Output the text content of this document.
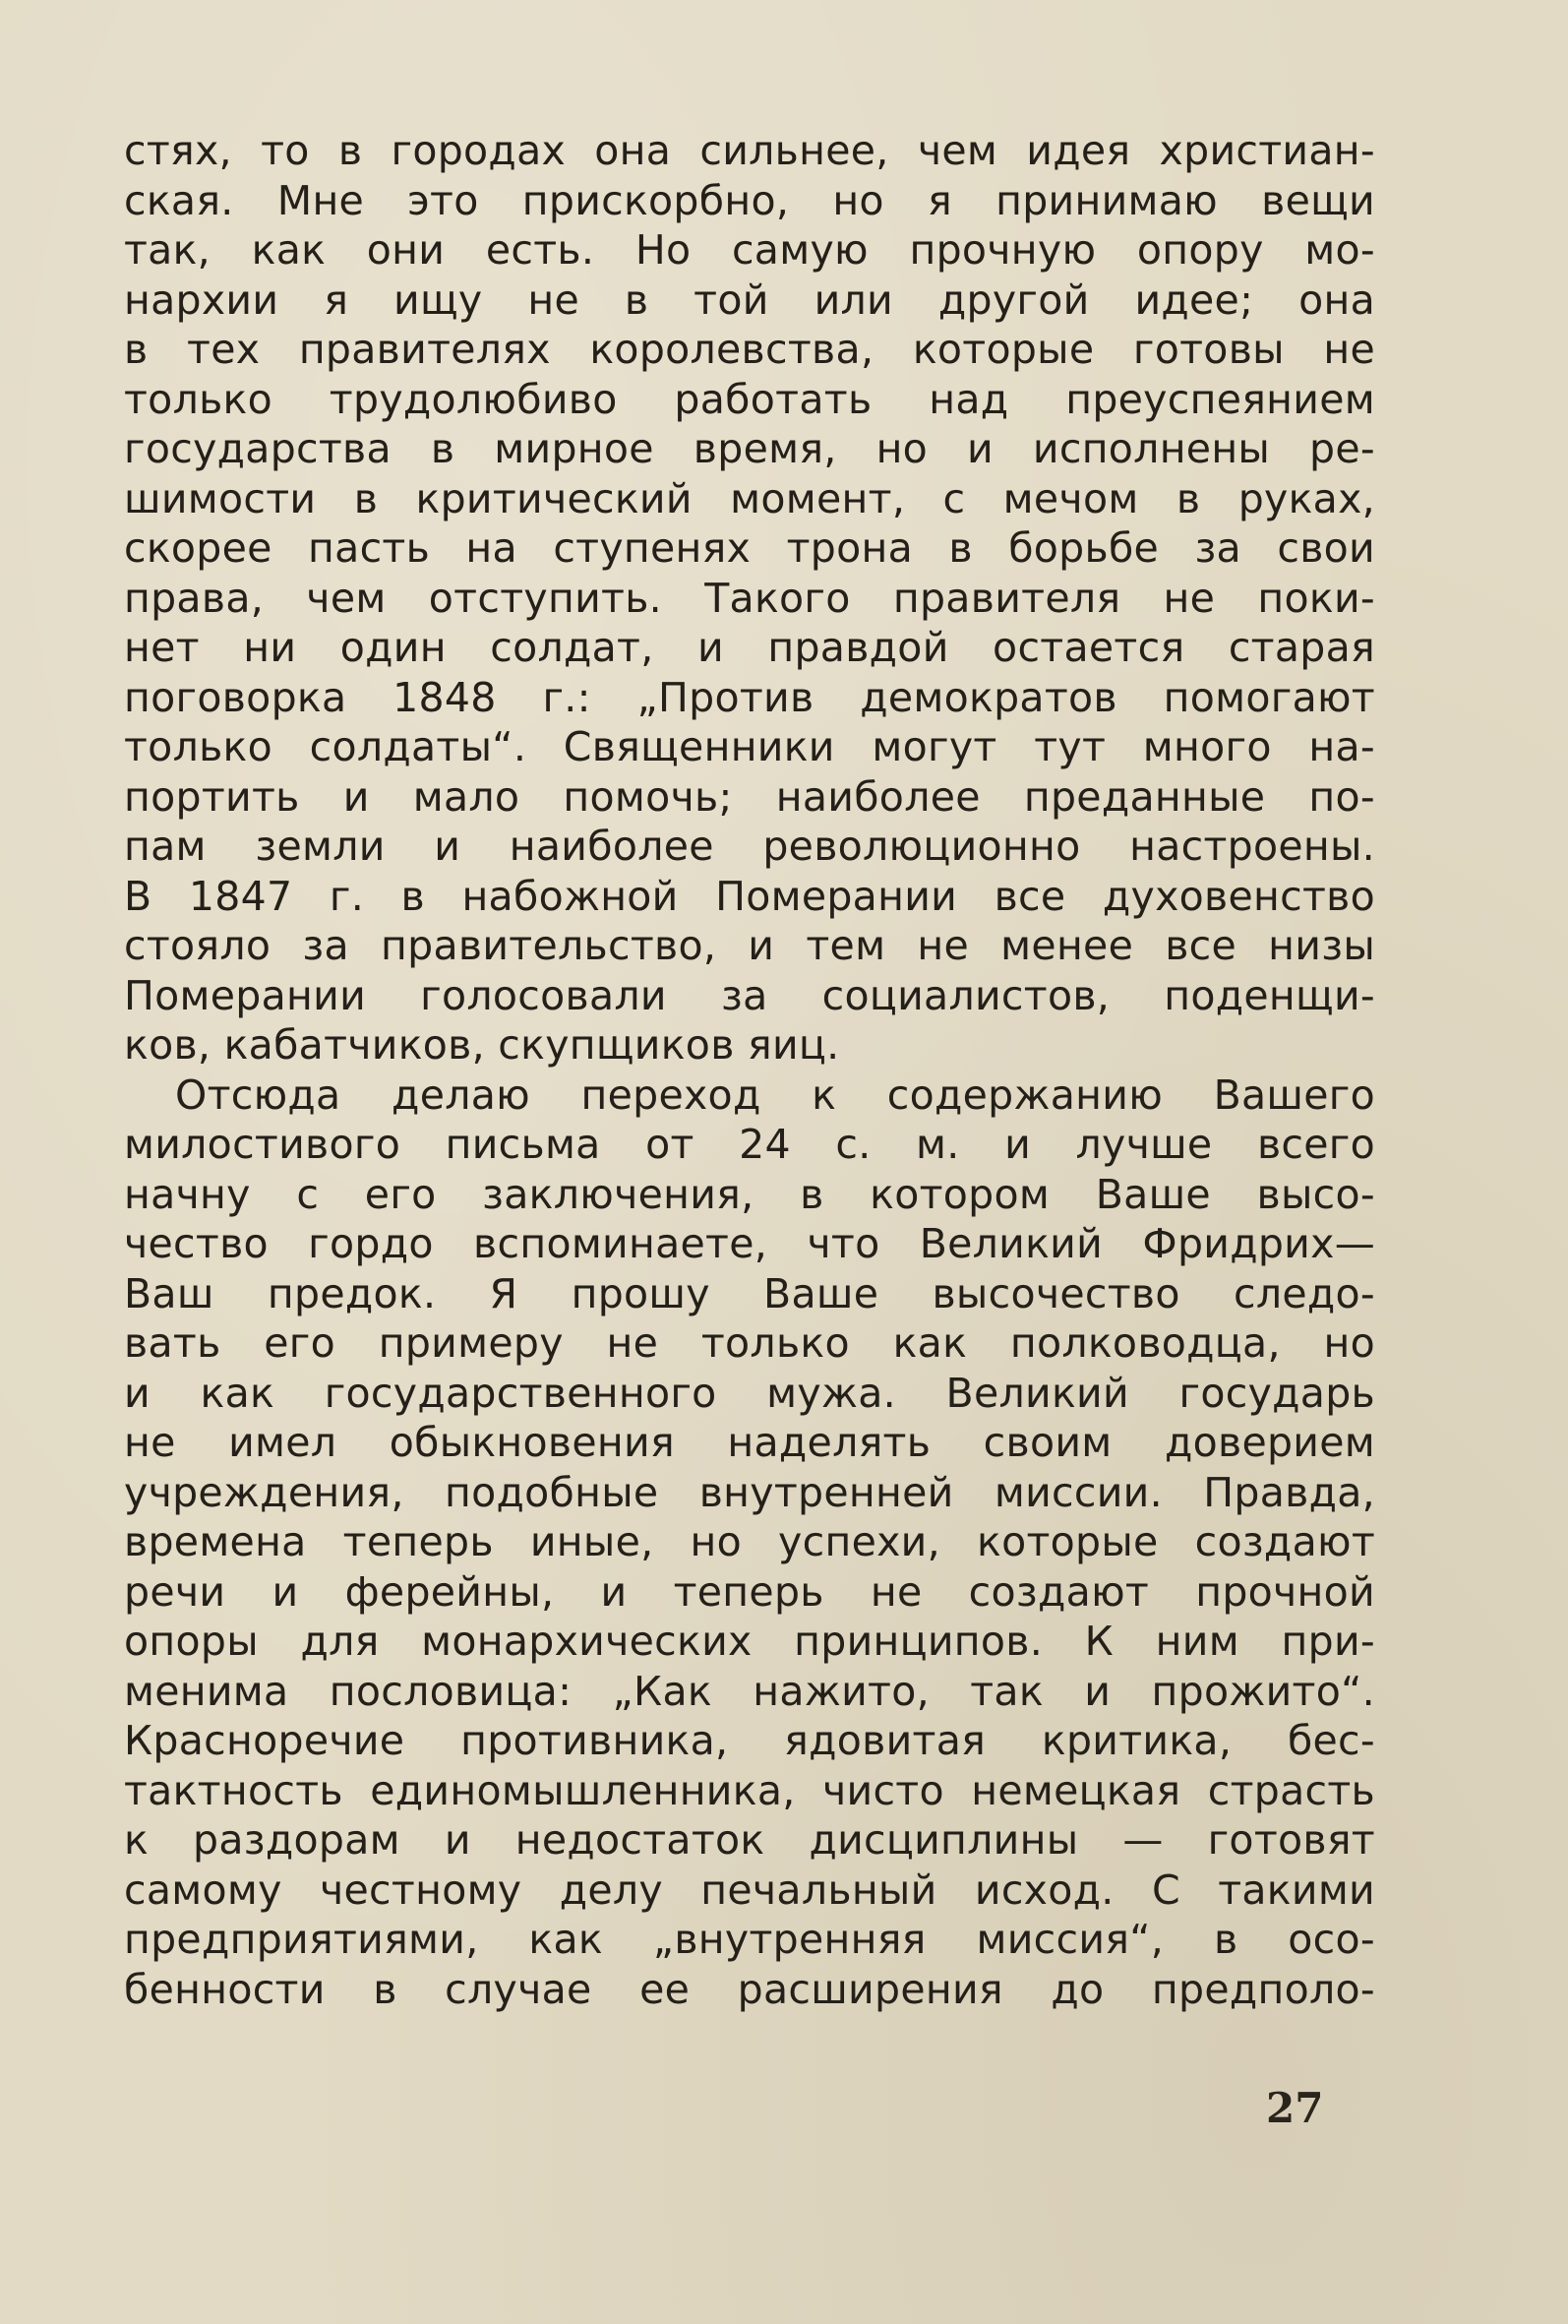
стях, то в городах она сильнее, чем идея христиан-
ская. Мне это прискорбно, но я принимаю вещи
так, как они есть. Но самую прочную опору мо-
нархии я ищу не в той или другой идее; она
в тех правителях королевства, которые готовы не
только трудолюбиво работать над преуспеянием
государства в мирное время, но и исполнены ре-
шимости в критический момент, с мечом в руках,
скорее пасть на ступенях трона в борьбе за свои
права, чем отступить. Такого правителя не поки-
нет ни один солдат, и правдой остается старая
поговорка 1848 г.: „Против демократов помогают
только солдаты“. Священники могут тут много на-
портить и мало помочь; наиболее преданные по-
пам земли и наиболее революционно настроены.
В 1847 г. в набожной Померании все духовенство
стояло за правительство, и тем не менее все низы
Померании голосовали за социалистов, поденщи-
ков, кабатчиков, скупщиков яиц.
Отсюда делаю переход к содержанию Вашего
милостивого письма от 24 с. м. и лучше всего
начну с его заключения, в котором Ваше высо-
чество гордо вспоминаете, что Великий Фридрих—
Ваш предок. Я прошу Ваше высочество следо-
вать его примеру не только как полководца, но
и как государственного мужа. Великий государь
не имел обыкновения наделять своим доверием
учреждения, подобные внутренней миссии. Правда,
времена теперь иные, но успехи, которые создают
речи и ферейны, и теперь не создают прочной
опоры для монархических принципов. К ним при-
менима пословица: „Как нажито, так и прожито“.
Красноречие противника, ядовитая критика, бес-
тактность единомышленника, чисто немецкая страсть
к раздорам и недостаток дисциплины — готовят
самому честному делу печальный исход. С такими
предприятиями, как „внутренняя миссия“, в осо-
бенности в случае ее расширения до предполо-
27
